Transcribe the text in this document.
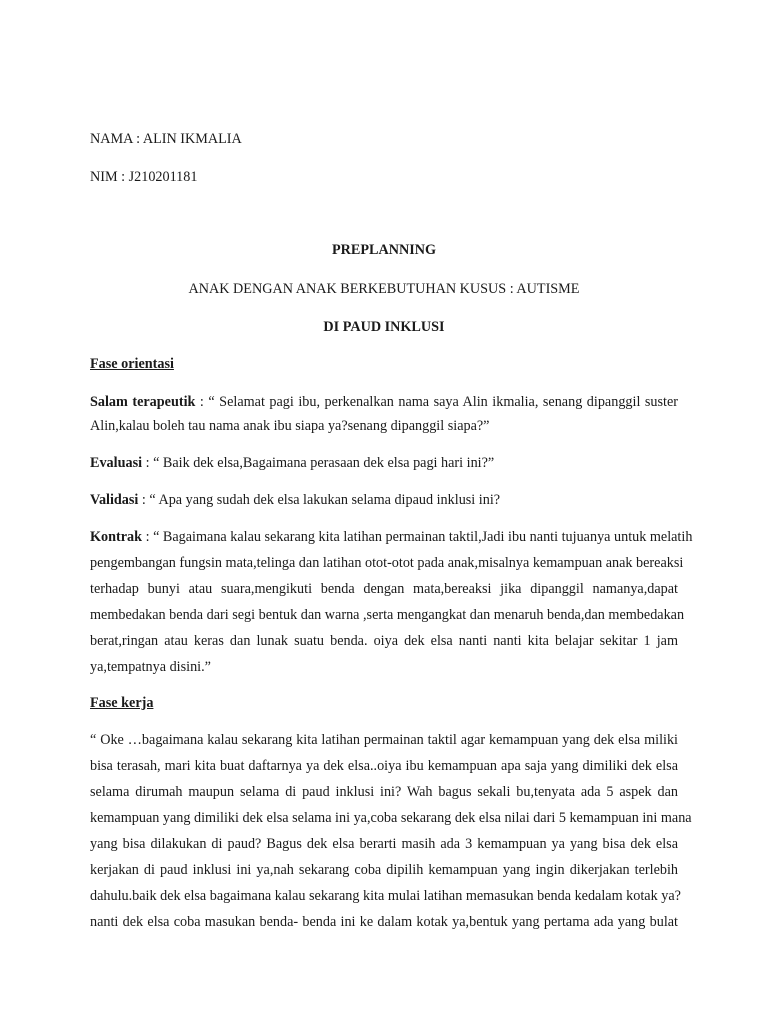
NAMA : ALIN IKMALIA
NIM : J210201181
PREPLANNING
ANAK DENGAN ANAK BERKEBUTUHAN KUSUS : AUTISME
DI PAUD INKLUSI
Fase orientasi
Salam terapeutik : “ Selamat pagi ibu, perkenalkan nama saya Alin ikmalia, senang dipanggil suster
Alin,kalau boleh tau nama anak ibu siapa ya?senang dipanggil siapa?”
Evaluasi : “ Baik dek elsa,Bagaimana perasaan dek elsa pagi hari ini?”
Validasi : “ Apa yang sudah dek elsa lakukan selama dipaud inklusi ini?
Kontrak : “ Bagaimana kalau sekarang kita latihan permainan taktil,Jadi ibu nanti tujuanya untuk melatih
pengembangan fungsin mata,telinga dan latihan otot-otot pada anak,misalnya kemampuan anak bereaksi
terhadap bunyi atau suara,mengikuti benda dengan mata,bereaksi jika dipanggil namanya,dapat
membedakan benda dari segi bentuk dan warna ,serta mengangkat dan menaruh benda,dan membedakan
berat,ringan atau keras dan lunak suatu benda. oiya dek elsa nanti nanti kita belajar sekitar 1 jam
ya,tempatnya disini.”
Fase kerja
“ Oke …bagaimana kalau sekarang kita latihan permainan taktil agar kemampuan yang dek elsa miliki
bisa terasah, mari kita buat daftarnya ya dek elsa..oiya ibu kemampuan apa saja yang dimiliki dek elsa
selama dirumah maupun selama di paud inklusi ini? Wah bagus sekali bu,tenyata ada 5 aspek dan
kemampuan yang dimiliki dek elsa selama ini ya,coba sekarang dek elsa nilai dari 5 kemampuan ini mana
yang bisa dilakukan di paud? Bagus dek elsa berarti masih ada 3 kemampuan ya yang bisa dek elsa
kerjakan di paud inklusi ini ya,nah sekarang coba dipilih kemampuan yang ingin dikerjakan terlebih
dahulu.baik dek elsa bagaimana kalau sekarang kita mulai latihan memasukan benda kedalam kotak ya?
nanti dek elsa coba masukan benda- benda ini ke dalam kotak ya,bentuk yang pertama ada yang bulat
